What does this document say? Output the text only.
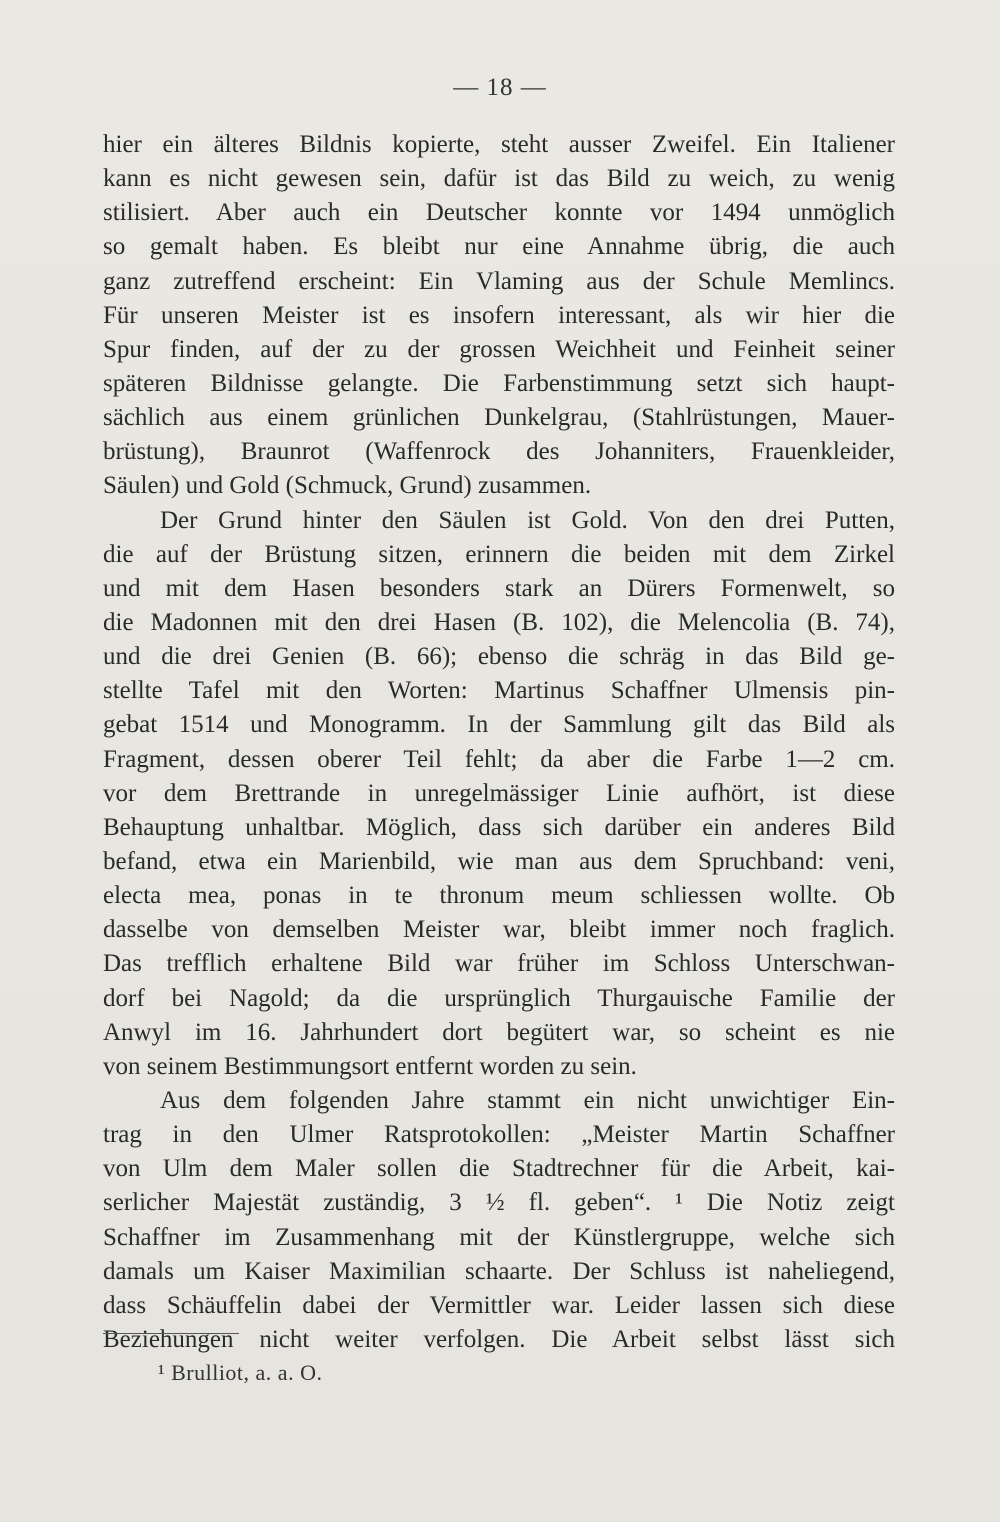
— 18 —
hier ein älteres Bildnis kopierte, steht ausser Zweifel. Ein Italiener
kann es nicht gewesen sein, dafür ist das Bild zu weich, zu wenig
stilisiert. Aber auch ein Deutscher konnte vor 1494 unmöglich
so gemalt haben. Es bleibt nur eine Annahme übrig, die auch
ganz zutreffend erscheint: Ein Vlaming aus der Schule Memlincs.
Für unseren Meister ist es insofern interessant, als wir hier die
Spur finden, auf der zu der grossen Weichheit und Feinheit seiner
späteren Bildnisse gelangte. Die Farbenstimmung setzt sich haupt-
sächlich aus einem grünlichen Dunkelgrau, (Stahlrüstungen, Mauer-
brüstung), Braunrot (Waffenrock des Johanniters, Frauenkleider,
Säulen) und Gold (Schmuck, Grund) zusammen.
Der Grund hinter den Säulen ist Gold. Von den drei Putten,
die auf der Brüstung sitzen, erinnern die beiden mit dem Zirkel
und mit dem Hasen besonders stark an Dürers Formenwelt, so
die Madonnen mit den drei Hasen (B. 102), die Melencolia (B. 74),
und die drei Genien (B. 66); ebenso die schräg in das Bild ge-
stellte Tafel mit den Worten: Martinus Schaffner Ulmensis pin-
gebat 1514 und Monogramm. In der Sammlung gilt das Bild als
Fragment, dessen oberer Teil fehlt; da aber die Farbe 1—2 cm.
vor dem Brettrande in unregelmässiger Linie aufhört, ist diese
Behauptung unhaltbar. Möglich, dass sich darüber ein anderes Bild
befand, etwa ein Marienbild, wie man aus dem Spruchband: veni,
electa mea, ponas in te thronum meum schliessen wollte. Ob
dasselbe von demselben Meister war, bleibt immer noch fraglich.
Das trefflich erhaltene Bild war früher im Schloss Unterschwan-
dorf bei Nagold; da die ursprünglich Thurgauische Familie der
Anwyl im 16. Jahrhundert dort begütert war, so scheint es nie
von seinem Bestimmungsort entfernt worden zu sein.
Aus dem folgenden Jahre stammt ein nicht unwichtiger Ein-
trag in den Ulmer Ratsprotokollen: „Meister Martin Schaffner
von Ulm dem Maler sollen die Stadtrechner für die Arbeit, kai-
serlicher Majestät zuständig, 3 ½ fl. geben“. ¹ Die Notiz zeigt
Schaffner im Zusammenhang mit der Künstlergruppe, welche sich
damals um Kaiser Maximilian schaarte. Der Schluss ist naheliegend,
dass Schäuffelin dabei der Vermittler war. Leider lassen sich diese
Beziehungen nicht weiter verfolgen. Die Arbeit selbst lässt sich
¹ Brulliot, a. a. O.
